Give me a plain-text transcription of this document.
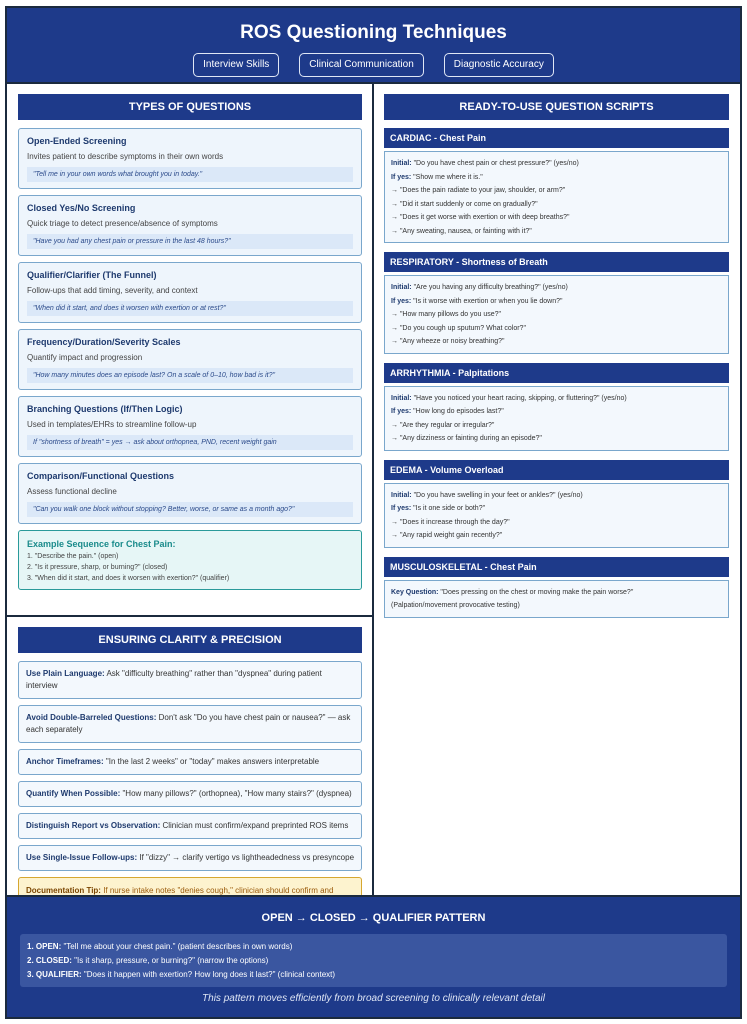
ROS Questioning Techniques
Interview Skills	Clinical Communication	Diagnostic Accuracy
TYPES OF QUESTIONS
Open-Ended Screening
Invites patient to describe symptoms in their own words
"Tell me in your own words what brought you in today."
Closed Yes/No Screening
Quick triage to detect presence/absence of symptoms
"Have you had any chest pain or pressure in the last 48 hours?"
Qualifier/Clarifier (The Funnel)
Follow-ups that add timing, severity, and context
"When did it start, and does it worsen with exertion or at rest?"
Frequency/Duration/Severity Scales
Quantify impact and progression
"How many minutes does an episode last? On a scale of 0–10, how bad is it?"
Branching Questions (If/Then Logic)
Used in templates/EHRs to streamline follow-up
If "shortness of breath" = yes → ask about orthopnea, PND, recent weight gain
Comparison/Functional Questions
Assess functional decline
"Can you walk one block without stopping? Better, worse, or same as a month ago?"
Example Sequence for Chest Pain:
1. "Describe the pain." (open)
2. "Is it pressure, sharp, or burning?" (closed)
3. "When did it start, and does it worsen with exertion?" (qualifier)
ENSURING CLARITY & PRECISION
Use Plain Language: Ask "difficulty breathing" rather than "dyspnea" during patient interview
Avoid Double-Barreled Questions: Don't ask "Do you have chest pain or nausea?" — ask each separately
Anchor Timeframes: "In the last 2 weeks" or "today" makes answers interpretable
Quantify When Possible: "How many pillows?" (orthopnea), "How many stairs?" (dyspnea)
Distinguish Report vs Observation: Clinician must confirm/expand preprinted ROS items
Use Single-Issue Follow-ups: If "dizzy" → clarify vertigo vs lightheadedness vs presyncope
Documentation Tip: If nurse intake notes "denies cough," clinician should confirm and
READY-TO-USE QUESTION SCRIPTS
CARDIAC - Chest Pain
Initial: "Do you have chest pain or chest pressure?" (yes/no)
If yes: "Show me where it is."
→ "Does the pain radiate to your jaw, shoulder, or arm?"
→ "Did it start suddenly or come on gradually?"
→ "Does it get worse with exertion or with deep breaths?"
→ "Any sweating, nausea, or fainting with it?"
RESPIRATORY - Shortness of Breath
Initial: "Are you having any difficulty breathing?" (yes/no)
If yes: "Is it worse with exertion or when you lie down?"
→ "How many pillows do you use?"
→ "Do you cough up sputum? What color?"
→ "Any wheeze or noisy breathing?"
ARRHYTHMIA - Palpitations
Initial: "Have you noticed your heart racing, skipping, or fluttering?" (yes/no)
If yes: "How long do episodes last?"
→ "Are they regular or irregular?"
→ "Any dizziness or fainting during an episode?"
EDEMA - Volume Overload
Initial: "Do you have swelling in your feet or ankles?" (yes/no)
If yes: "Is it one side or both?"
→ "Does it increase through the day?"
→ "Any rapid weight gain recently?"
MUSCULOSKELETAL - Chest Pain
Key Question: "Does pressing on the chest or moving make the pain worse?"
(Palpation/movement provocative testing)
OPEN → CLOSED → QUALIFIER PATTERN
1. OPEN: "Tell me about your chest pain." (patient describes in own words)
2. CLOSED: "Is it sharp, pressure, or burning?" (narrow the options)
3. QUALIFIER: "Does it happen with exertion? How long does it last?" (clinical context)
This pattern moves efficiently from broad screening to clinically relevant detail
